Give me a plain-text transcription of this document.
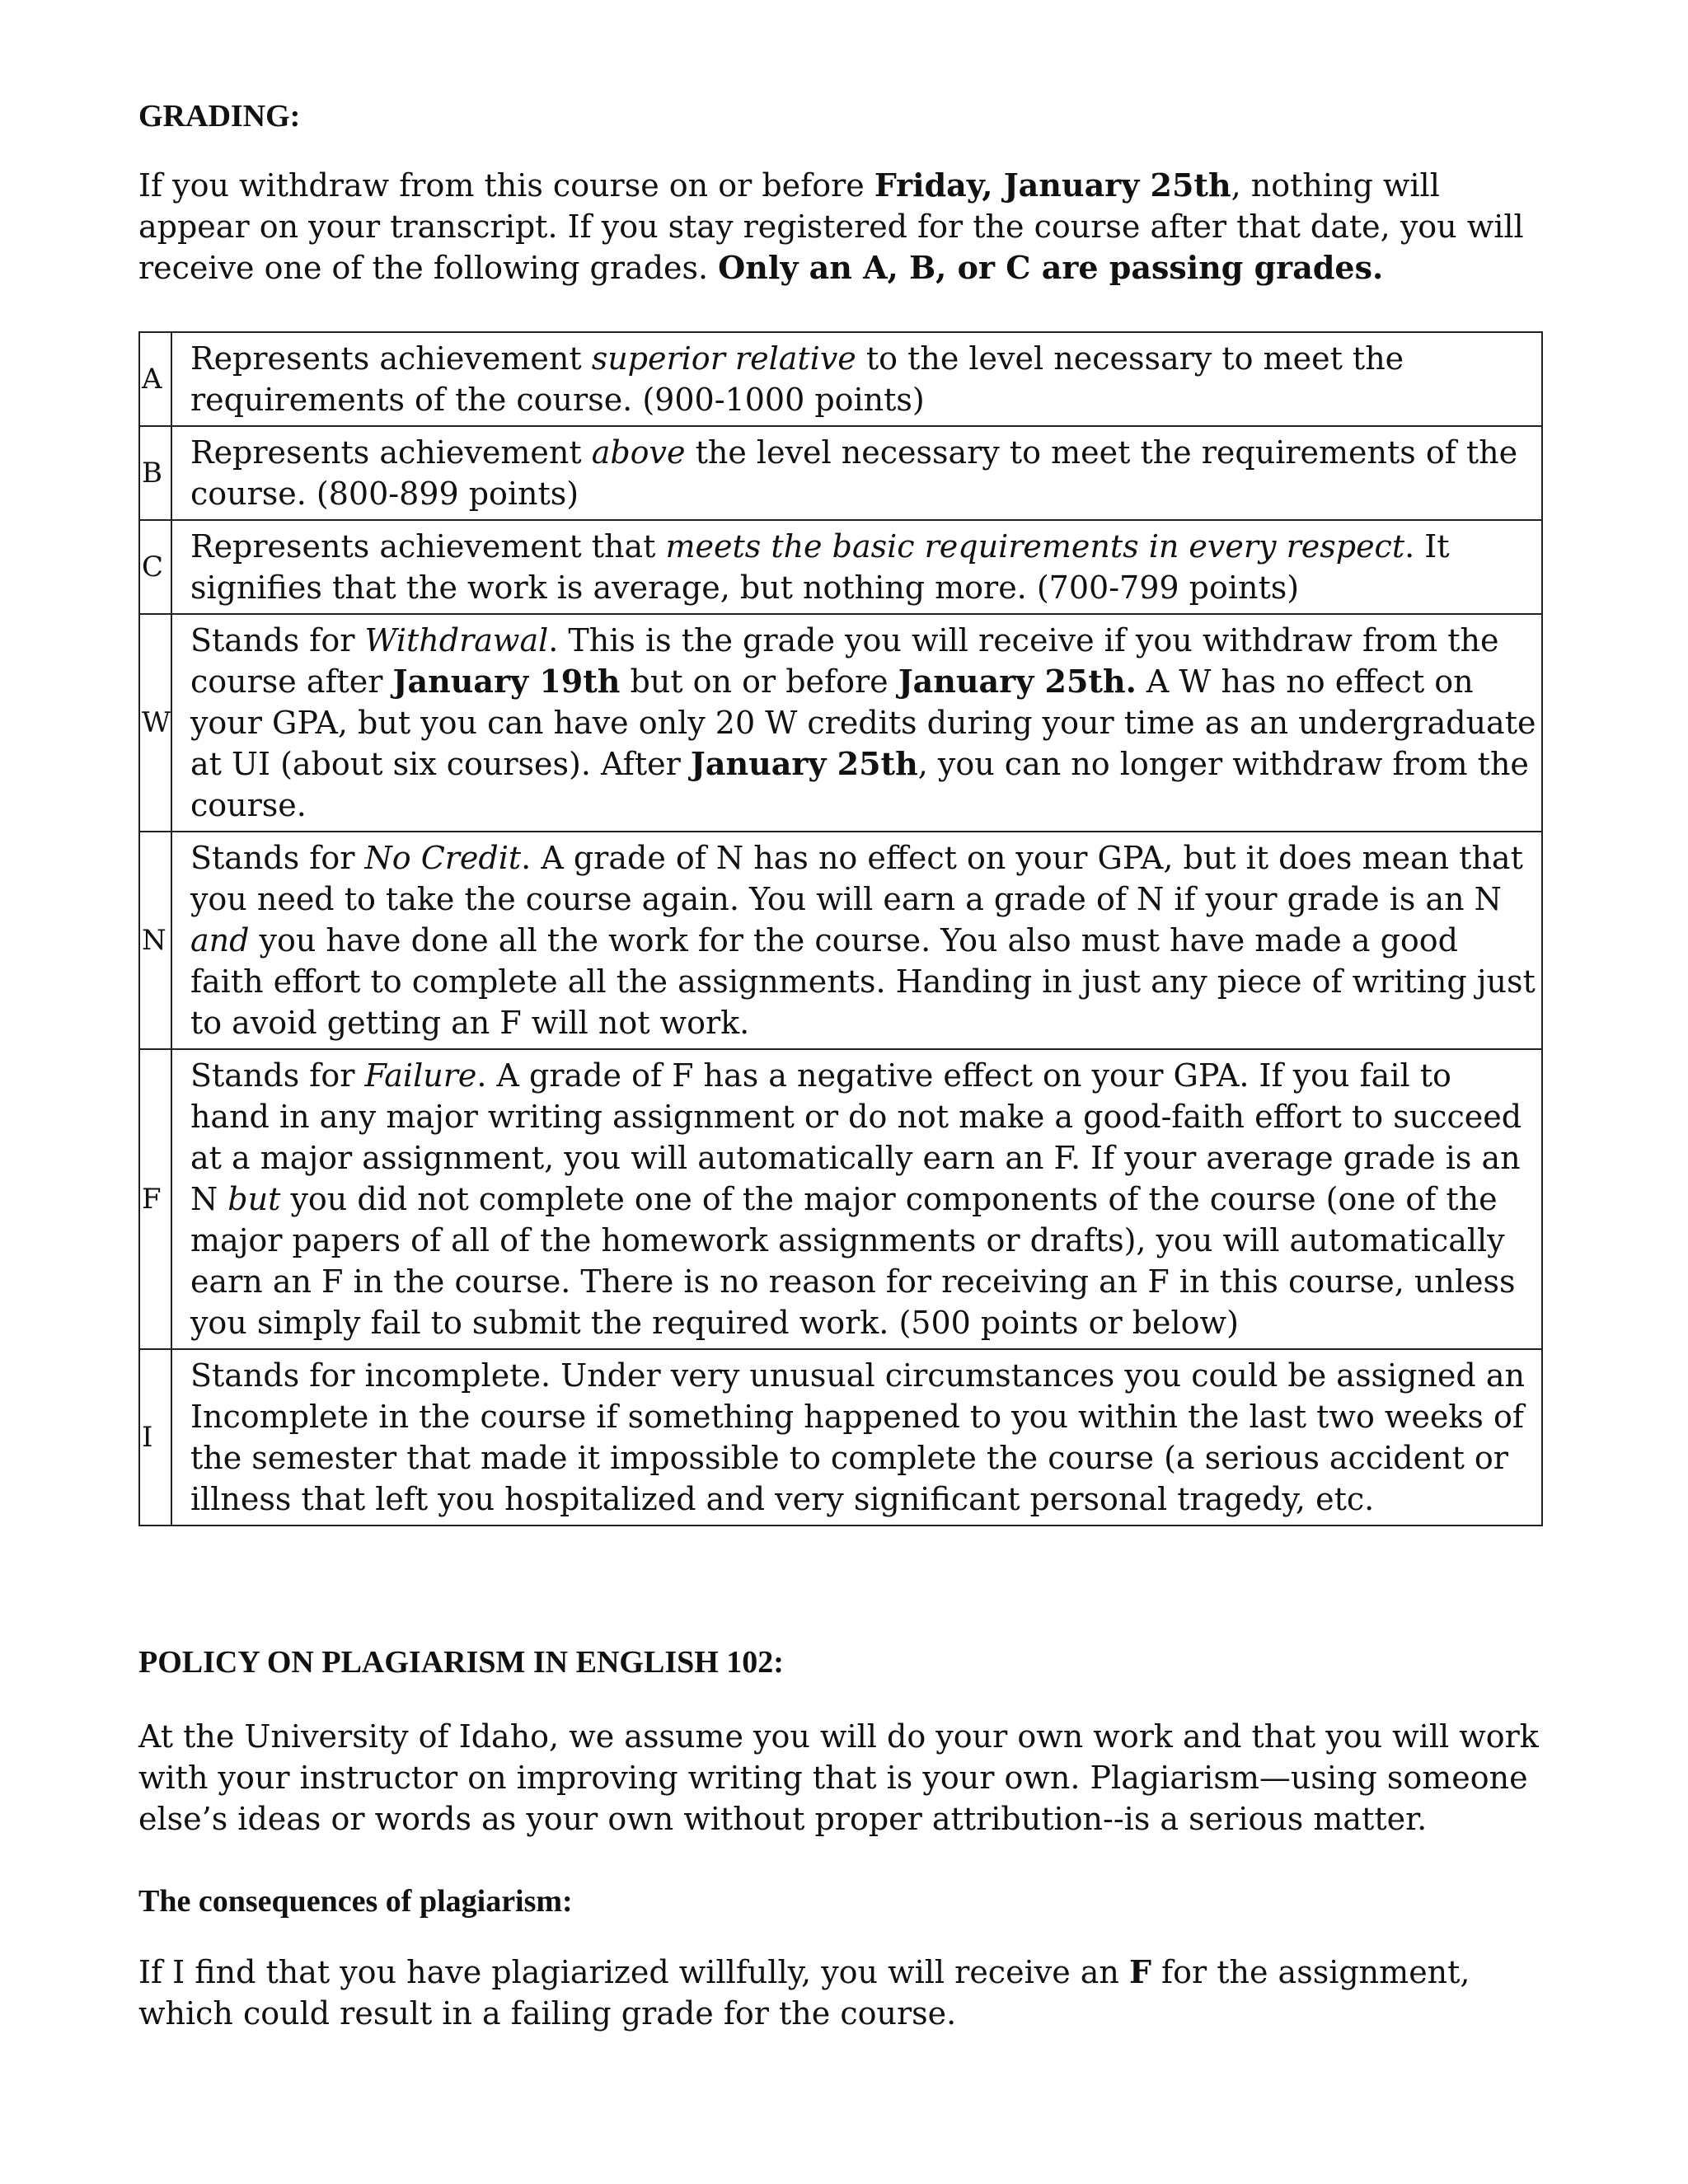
GRADING:

If you withdraw from this course on or before Friday, January 25th, nothing will appear on your transcript. If you stay registered for the course after that date, you will receive one of the following grades. Only an A, B, or C are passing grades.

A	Represents achievement superior relative to the level necessary to meet the requirements of the course. (900-1000 points)
B	Represents achievement above the level necessary to meet the requirements of the course. (800-899 points)
C	Represents achievement that meets the basic requirements in every respect. It signifies that the work is average, but nothing more. (700-799 points)
W	Stands for Withdrawal. This is the grade you will receive if you withdraw from the course after January 19th but on or before January 25th. A W has no effect on your GPA, but you can have only 20 W credits during your time as an undergraduate at UI (about six courses). After January 25th, you can no longer withdraw from the course.
N	Stands for No Credit. A grade of N has no effect on your GPA, but it does mean that you need to take the course again. You will earn a grade of N if your grade is an N and you have done all the work for the course. You also must have made a good faith effort to complete all the assignments. Handing in just any piece of writing just to avoid getting an F will not work.
F	Stands for Failure. A grade of F has a negative effect on your GPA. If you fail to hand in any major writing assignment or do not make a good-faith effort to succeed at a major assignment, you will automatically earn an F. If your average grade is an N but you did not complete one of the major components of the course (one of the major papers of all of the homework assignments or drafts), you will automatically earn an F in the course. There is no reason for receiving an F in this course, unless you simply fail to submit the required work. (500 points or below)
I	Stands for incomplete. Under very unusual circumstances you could be assigned an Incomplete in the course if something happened to you within the last two weeks of the semester that made it impossible to complete the course (a serious accident or illness that left you hospitalized and very significant personal tragedy, etc.
POLICY ON PLAGIARISM IN ENGLISH 102:

At the University of Idaho, we assume you will do your own work and that you will work with your instructor on improving writing that is your own. Plagiarism—using someone else’s ideas or words as your own without proper attribution--is a serious matter.

The consequences of plagiarism:

If I find that you have plagiarized willfully, you will receive an F for the assignment, which could result in a failing grade for the course.
